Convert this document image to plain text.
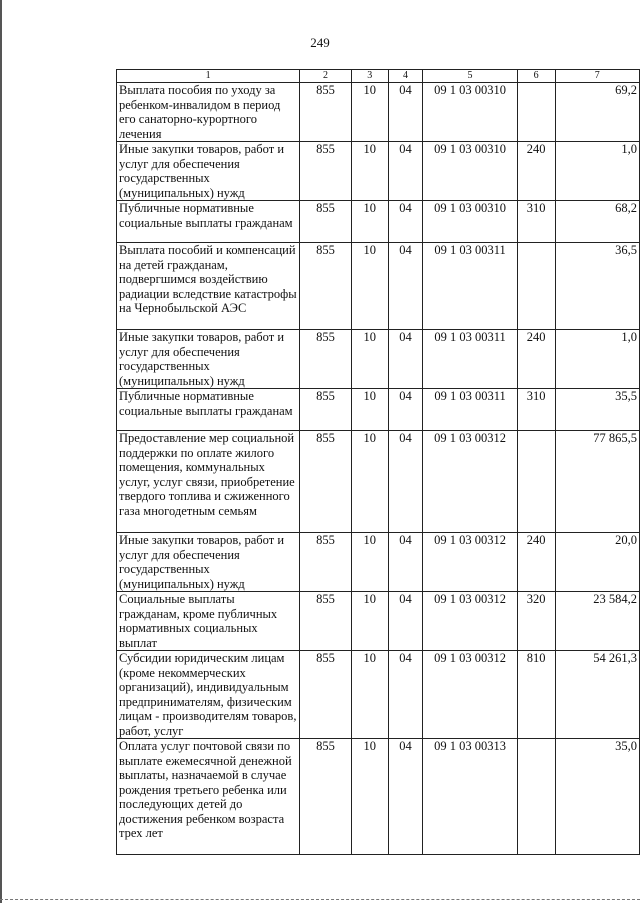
249
1	2	3	4	5	6	7
Выплата пособия по уходу за ребенком-инвалидом в период его санаторно-курортного лечения	855	10	04	09 1 03 00310		69,2
Иные закупки товаров, работ и услуг для обеспечения государственных (муниципальных) нужд	855	10	04	09 1 03 00310	240	1,0
Публичные нормативные социальные выплаты гражданам	855	10	04	09 1 03 00310	310	68,2
Выплата пособий и компенсаций на детей гражданам, подвергшимся воздействию радиации вследствие катастрофы на Чернобыльской АЭС	855	10	04	09 1 03 00311		36,5
Иные закупки товаров, работ и услуг для обеспечения государственных (муниципальных) нужд	855	10	04	09 1 03 00311	240	1,0
Публичные нормативные социальные выплаты гражданам	855	10	04	09 1 03 00311	310	35,5
Предоставление мер социальной поддержки по оплате жилого помещения, коммунальных услуг, услуг связи, приобретение твердого топлива и сжиженного газа многодетным семьям	855	10	04	09 1 03 00312		77 865,5
Иные закупки товаров, работ и услуг для обеспечения государственных (муниципальных) нужд	855	10	04	09 1 03 00312	240	20,0
Социальные выплаты гражданам, кроме публичных нормативных социальных выплат	855	10	04	09 1 03 00312	320	23 584,2
Субсидии юридическим лицам (кроме некоммерческих организаций), индивидуальным предпринимателям, физическим лицам - производителям товаров, работ, услуг	855	10	04	09 1 03 00312	810	54 261,3
Оплата услуг почтовой связи по выплате ежемесячной денежной выплаты, назначаемой в случае рождения третьего ребенка или последующих детей до достижения ребенком возраста трех лет	855	10	04	09 1 03 00313		35,0
